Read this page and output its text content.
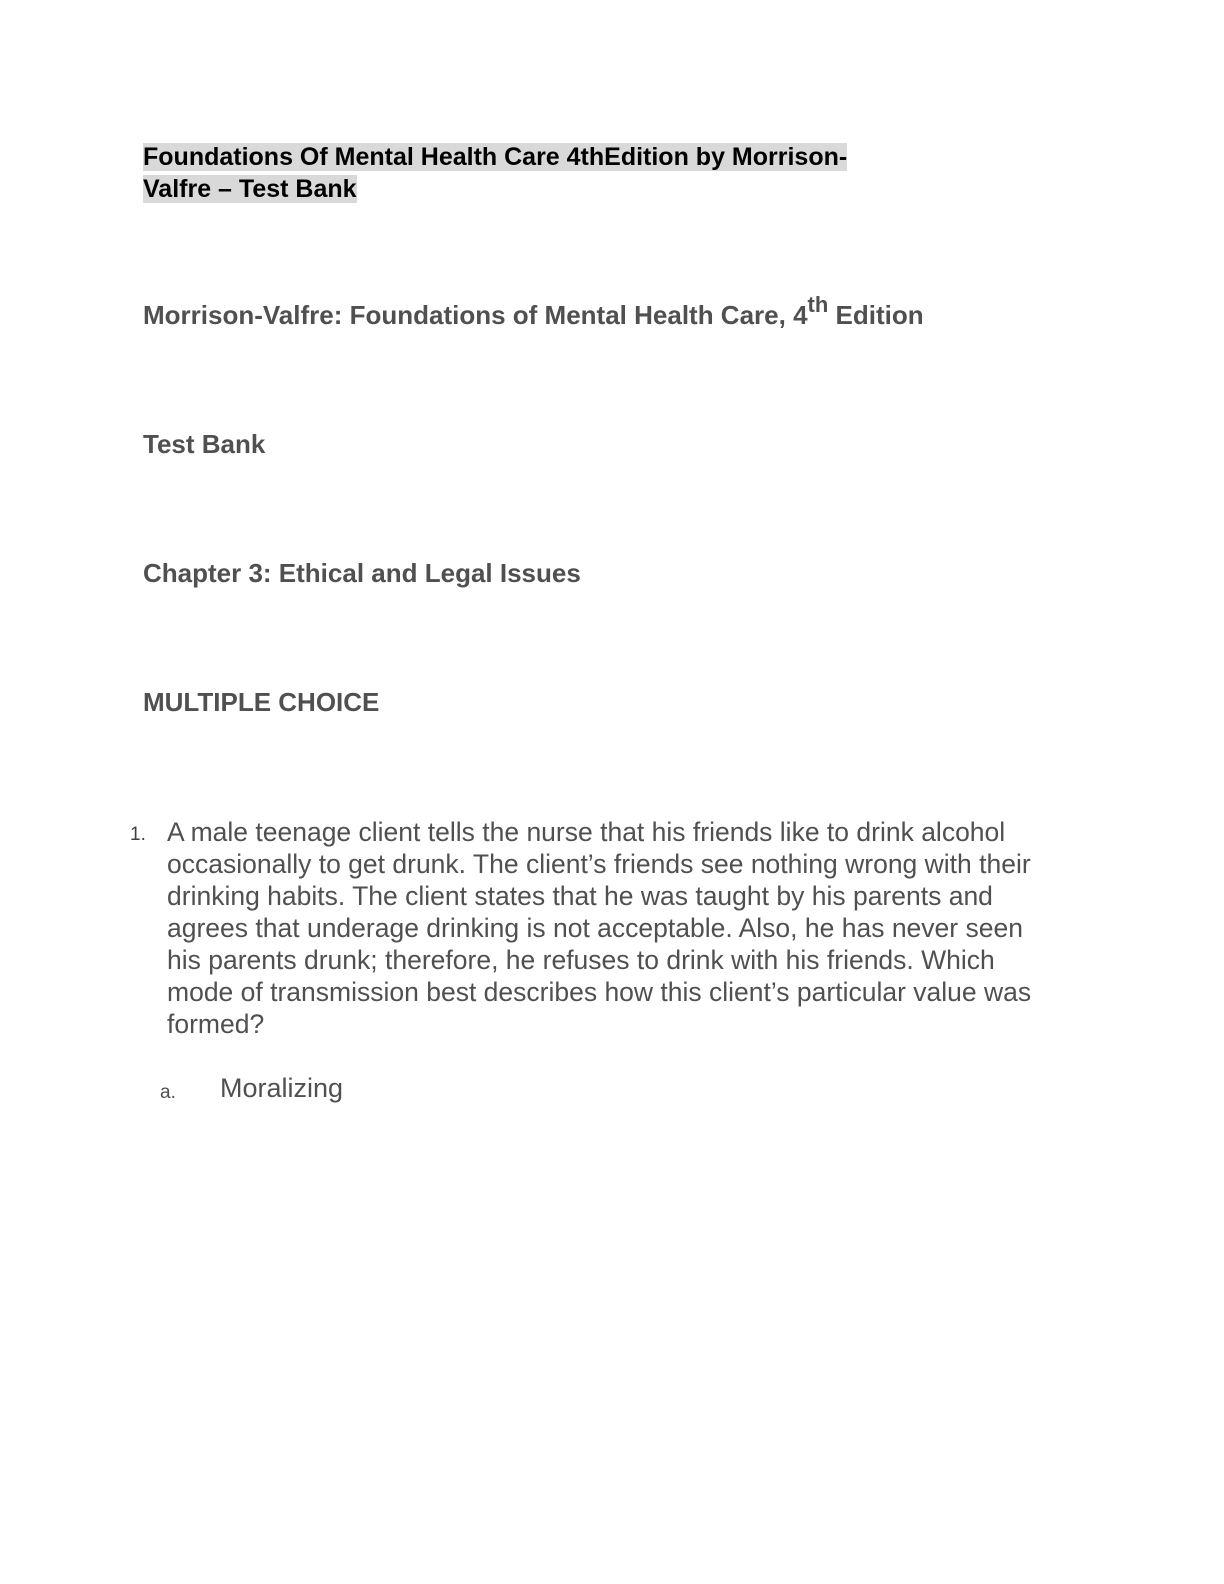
Foundations Of Mental Health Care 4thEdition by Morrison-
Valfre – Test Bank
Morrison-Valfre: Foundations of Mental Health Care, 4th Edition
Test Bank
Chapter 3: Ethical and Legal Issues
MULTIPLE CHOICE
1. A male teenage client tells the nurse that his friends like to drink alcohol occasionally to get drunk. The client’s friends see nothing wrong with their drinking habits. The client states that he was taught by his parents and agrees that underage drinking is not acceptable. Also, he has never seen his parents drunk; therefore, he refuses to drink with his friends. Which mode of transmission best describes how this client’s particular value was formed?

a. Moralizing
